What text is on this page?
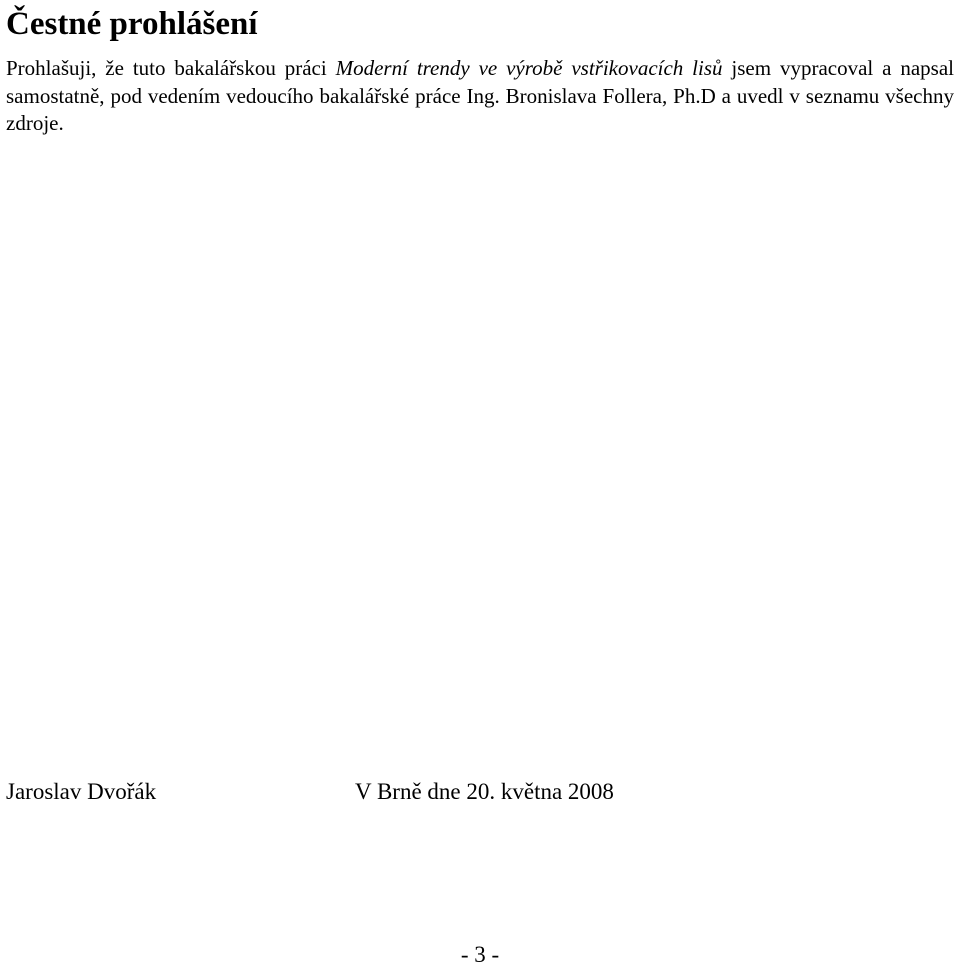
Čestné prohlášení

Prohlašuji, že tuto bakalářskou práci Moderní trendy ve výrobě vstřikovacích lisů jsem vypracoval a napsal samostatně, pod vedením vedoucího bakalářské práce Ing. Bronislava Follera, Ph.D a uvedl v seznamu všechny zdroje.

Jaroslav Dvořák	V Brně dne 20. května 2008
- 3 -
